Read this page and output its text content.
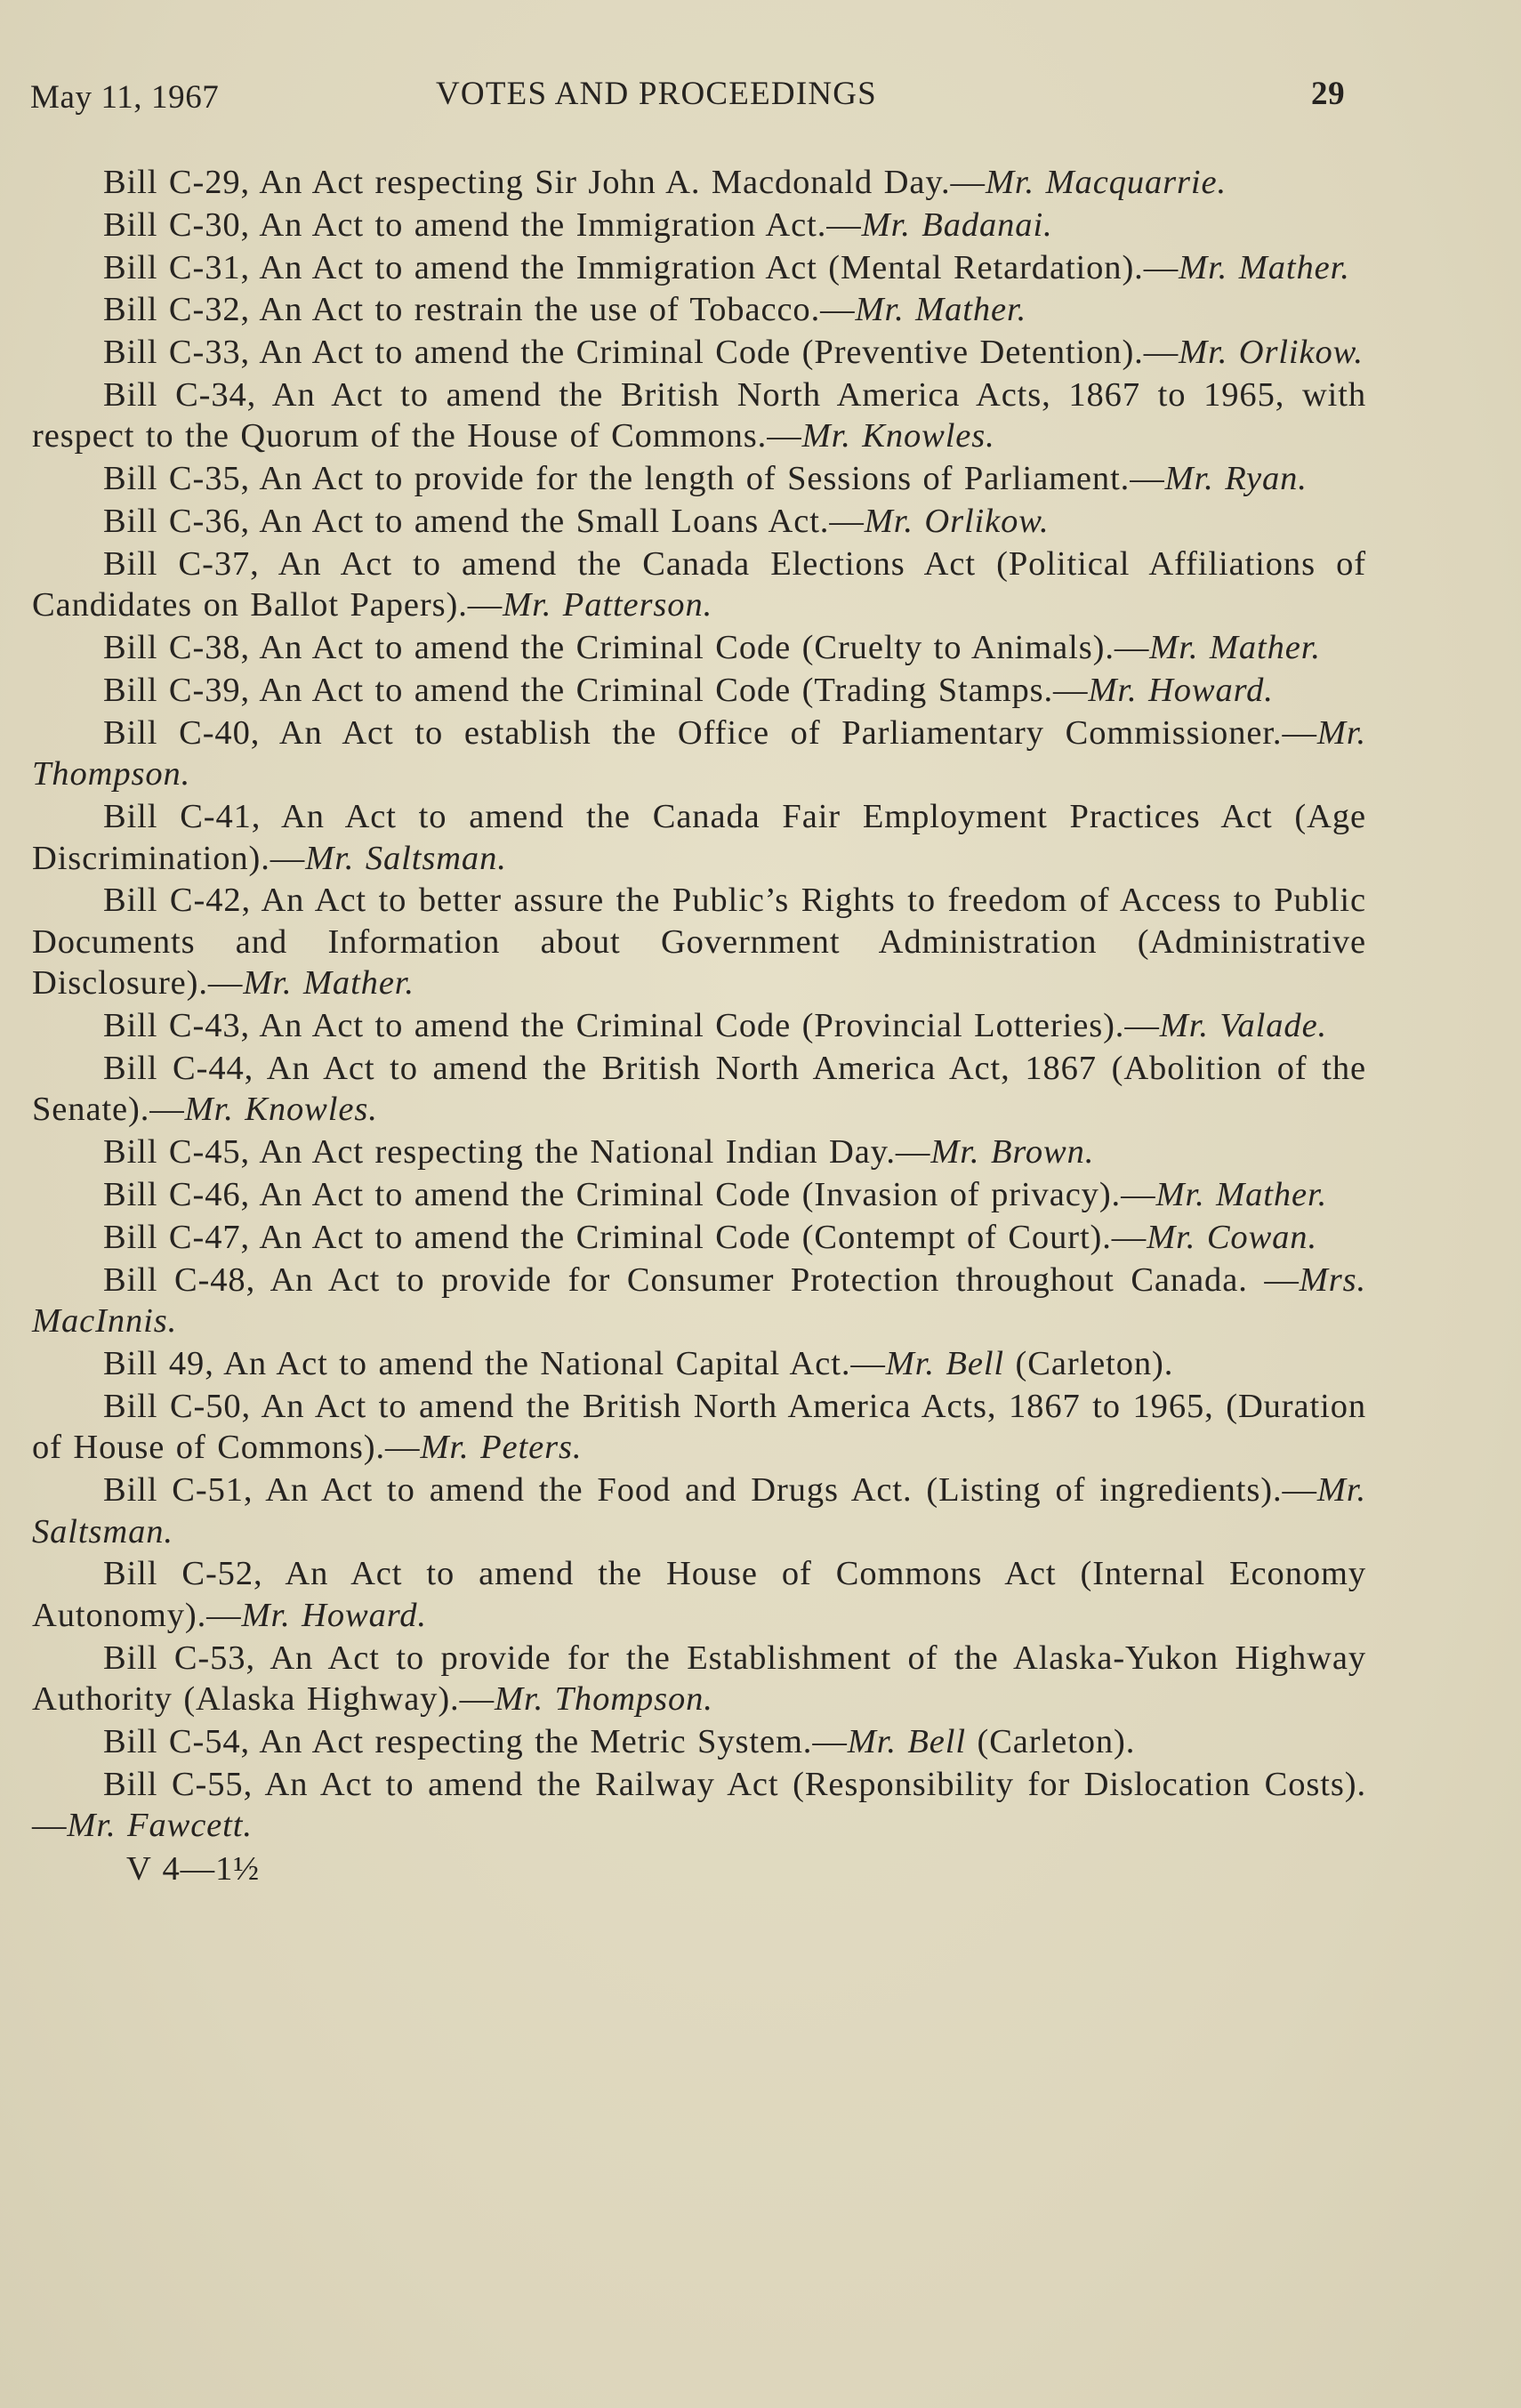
May 11, 1967	VOTES AND PROCEEDINGS	29

Bill C-29, An Act respecting Sir John A. Macdonald Day.—Mr. Macquarrie.

Bill C-30, An Act to amend the Immigration Act.—Mr. Badanai.

Bill C-31, An Act to amend the Immigration Act (Mental Retardation).—Mr. Mather.

Bill C-32, An Act to restrain the use of Tobacco.—Mr. Mather.

Bill C-33, An Act to amend the Criminal Code (Preventive Detention).—Mr. Orlikow.

Bill C-34, An Act to amend the British North America Acts, 1867 to 1965, with respect to the Quorum of the House of Commons.—Mr. Knowles.

Bill C-35, An Act to provide for the length of Sessions of Parliament.—Mr. Ryan.

Bill C-36, An Act to amend the Small Loans Act.—Mr. Orlikow.

Bill C-37, An Act to amend the Canada Elections Act (Political Affiliations of Candidates on Ballot Papers).—Mr. Patterson.

Bill C-38, An Act to amend the Criminal Code (Cruelty to Animals).—Mr. Mather.

Bill C-39, An Act to amend the Criminal Code (Trading Stamps.—Mr. Howard.

Bill C-40, An Act to establish the Office of Parliamentary Commissioner.—Mr. Thompson.

Bill C-41, An Act to amend the Canada Fair Employment Practices Act (Age Discrimination).—Mr. Saltsman.

Bill C-42, An Act to better assure the Public’s Rights to freedom of Access to Public Documents and Information about Government Administration (Administrative Disclosure).—Mr. Mather.

Bill C-43, An Act to amend the Criminal Code (Provincial Lotteries).—Mr. Valade.

Bill C-44, An Act to amend the British North America Act, 1867 (Abolition of the Senate).—Mr. Knowles.

Bill C-45, An Act respecting the National Indian Day.—Mr. Brown.

Bill C-46, An Act to amend the Criminal Code (Invasion of privacy).—Mr. Mather.

Bill C-47, An Act to amend the Criminal Code (Contempt of Court).—Mr. Cowan.

Bill C-48, An Act to provide for Consumer Protection throughout Canada. —Mrs. MacInnis.

Bill 49, An Act to amend the National Capital Act.—Mr. Bell (Carleton).

Bill C-50, An Act to amend the British North America Acts, 1867 to 1965, (Duration of House of Commons).—Mr. Peters.

Bill C-51, An Act to amend the Food and Drugs Act. (Listing of ingredients).—Mr. Saltsman.

Bill C-52, An Act to amend the House of Commons Act (Internal Economy Autonomy).—Mr. Howard.

Bill C-53, An Act to provide for the Establishment of the Alaska-Yukon Highway Authority (Alaska Highway).—Mr. Thompson.

Bill C-54, An Act respecting the Metric System.—Mr. Bell (Carleton).

Bill C-55, An Act to amend the Railway Act (Responsibility for Dislocation Costs).—Mr. Fawcett.

V 4—1½
